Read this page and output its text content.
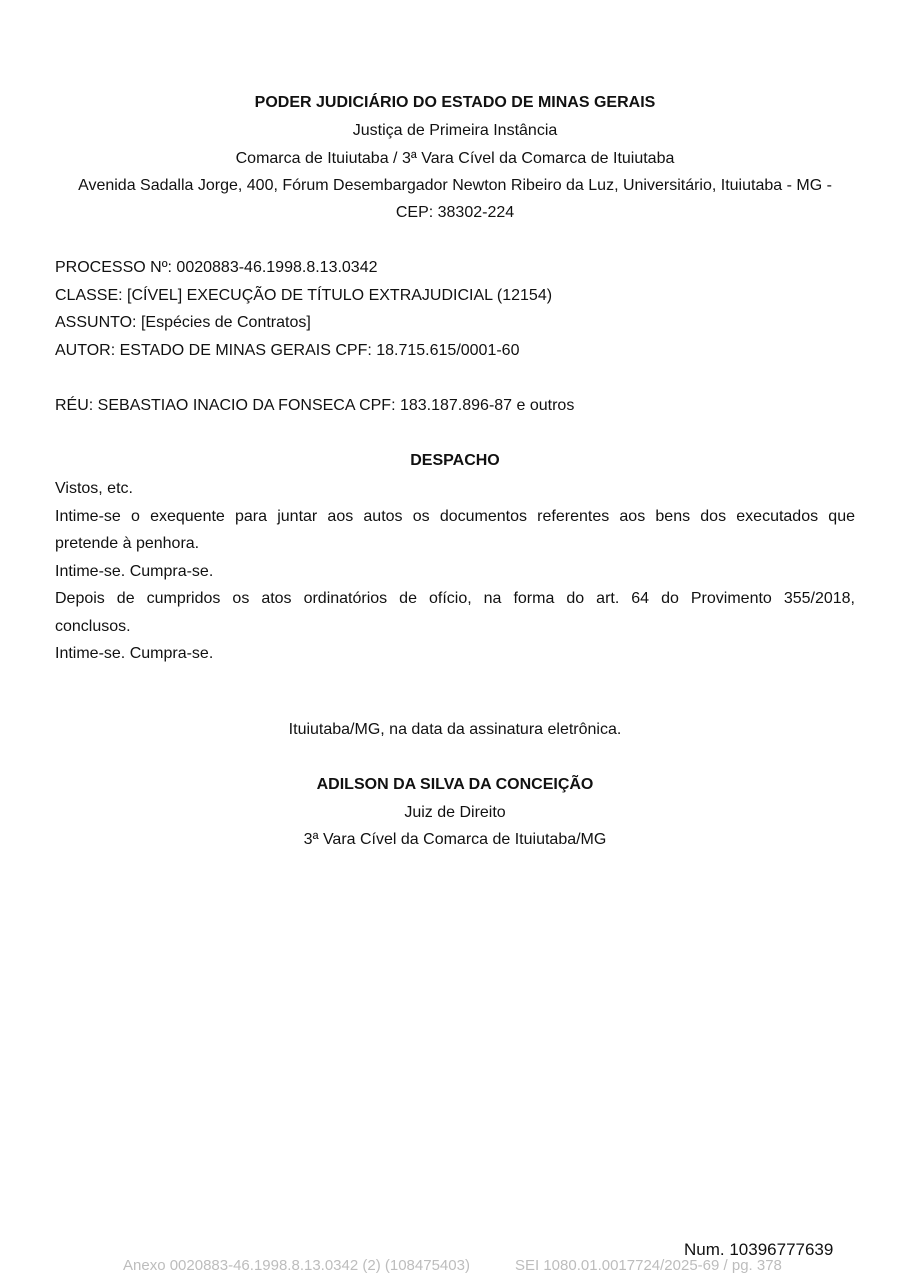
PODER JUDICIÁRIO DO ESTADO DE MINAS GERAIS
Justiça de Primeira Instância
Comarca de Ituiutaba / 3ª Vara Cível da Comarca de Ituiutaba
Avenida Sadalla Jorge, 400, Fórum Desembargador Newton Ribeiro da Luz, Universitário, Ituiutaba - MG -
CEP: 38302-224
PROCESSO Nº: 0020883-46.1998.8.13.0342
CLASSE: [CÍVEL] EXECUÇÃO DE TÍTULO EXTRAJUDICIAL (12154)
ASSUNTO: [Espécies de Contratos]
AUTOR: ESTADO DE MINAS GERAIS CPF: 18.715.615/0001-60
RÉU: SEBASTIAO INACIO DA FONSECA CPF: 183.187.896-87 e outros
DESPACHO
Vistos, etc.
Intime-se o exequente para juntar aos autos os documentos referentes aos bens dos executados que
pretende à penhora.
Intime-se. Cumpra-se.
Depois de cumpridos os atos ordinatórios de ofício, na forma do art. 64 do Provimento 355/2018,
conclusos.
Intime-se. Cumpra-se.
Ituiutaba/MG, na data da assinatura eletrônica.
ADILSON DA SILVA DA CONCEIÇÃO
Juiz de Direito
3ª Vara Cível da Comarca de Ituiutaba/MG
Num. 10396777639
Anexo 0020883-46.1998.8.13.0342 (2) (108475403)	SEI 1080.01.0017724/2025-69 / pg. 378
